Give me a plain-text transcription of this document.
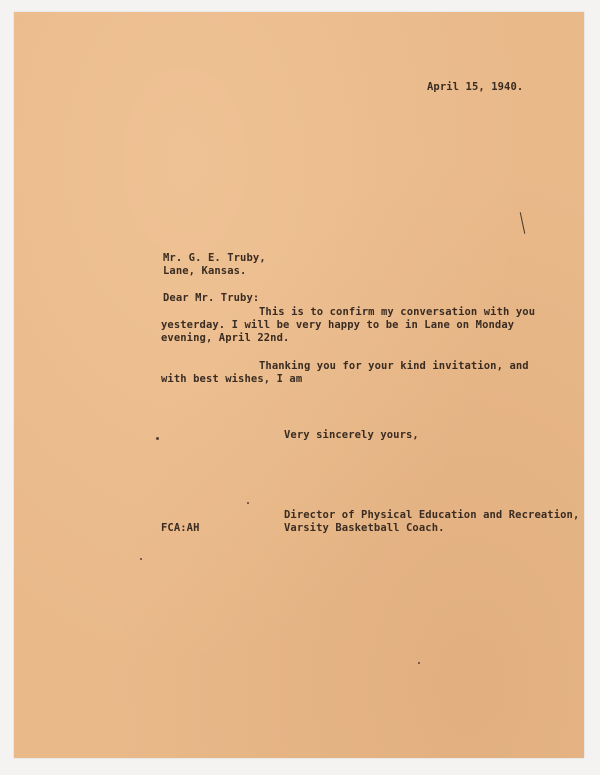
April 15, 1940.
Mr. G. E. Truby,
Lane, Kansas.
Dear Mr. Truby:
This is to confirm my conversation with you
yesterday. I will be very happy to be in Lane on Monday
evening, April 22nd.
Thanking you for your kind invitation, and
with best wishes, I am
Very sincerely yours,
Director of Physical Education and Recreation,
Varsity Basketball Coach.
FCA:AH
